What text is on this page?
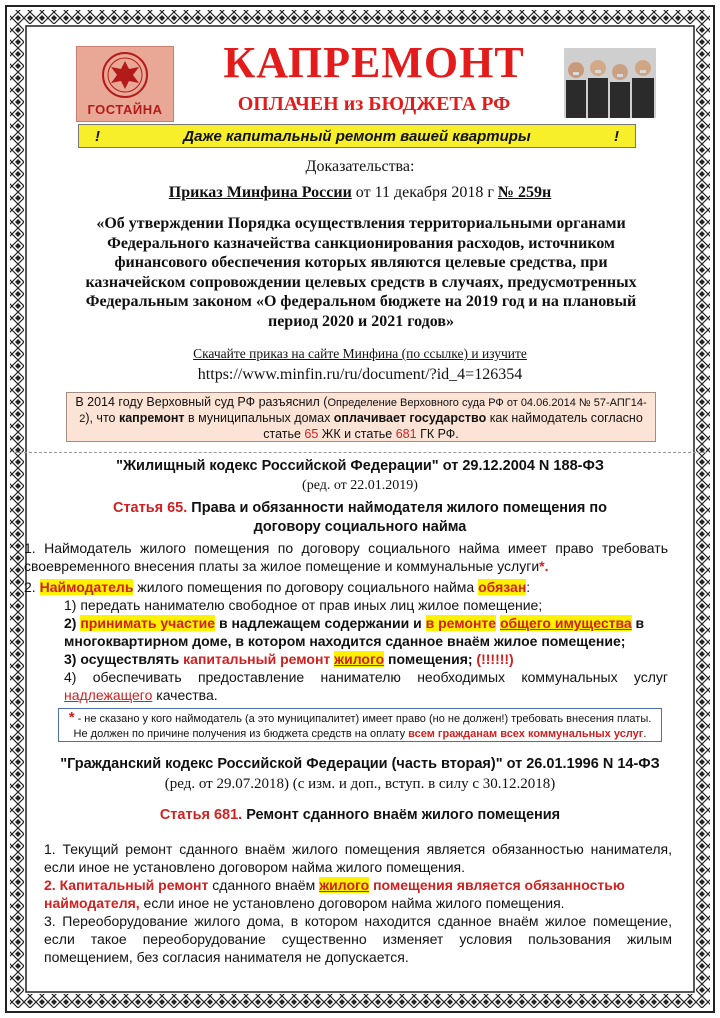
ГОСТАЙНА
КАПРЕМОНТ
ОПЛАЧЕН из БЮДЖЕТА РФ
!	Даже капитальный ремонт вашей квартиры	!
Доказательства:
Приказ Минфина России от 11 декабря 2018 г № 259н
«Об утверждении Порядка осуществления территориальными органами Федерального казначейства санкционирования расходов, источником финансового обеспечения которых являются целевые средства, при казначейском сопровождении целевых средств в случаях, предусмотренных Федеральным законом «О федеральном бюджете на 2019 год и на плановый период 2020 и 2021 годов»
Скачайте приказ на сайте Минфина (по ссылке) и изучите
https://www.minfin.ru/ru/document/?id_4=126354
В 2014 году Верховный суд РФ разъяснил (Определение Верховного суда РФ от 04.06.2014 № 57-АПГ14-2), что капремонт в муниципальных домах оплачивает государство как наймодатель согласно статье 65 ЖК и статье 681 ГК РФ.
"Жилищный кодекс Российской Федерации" от 29.12.2004 N 188-ФЗ
(ред. от 22.01.2019)
Статья 65. Права и обязанности наймодателя жилого помещения по договору социального найма
1. Наймодатель жилого помещения по договору социального найма имеет право требовать своевременного внесения платы за жилое помещение и коммунальные услуги*.
2. Наймодатель жилого помещения по договору социального найма обязан:
1) передать нанимателю свободное от прав иных лиц жилое помещение;
2) принимать участие в надлежащем содержании и в ремонте общего имущества в многоквартирном доме, в котором находится сданное внаём жилое помещение;
3) осуществлять капитальный ремонт жилого помещения; (!!!!!!)
4) обеспечивать предоставление нанимателю необходимых коммунальных услуг надлежащего качества.
* - не сказано у кого наймодатель (а это муниципалитет) имеет право (но не должен!) требовать внесения платы.
Не должен по причине получения из бюджета средств на оплату всем гражданам всех коммунальных услуг.
"Гражданский кодекс Российской Федерации (часть вторая)" от 26.01.1996 N 14-ФЗ
(ред. от 29.07.2018) (с изм. и доп., вступ. в силу с 30.12.2018)
Статья 681. Ремонт сданного внаём жилого помещения
1. Текущий ремонт сданного внаём жилого помещения является обязанностью нанимателя, если иное не установлено договором найма жилого помещения.
2. Капитальный ремонт сданного внаём жилого помещения является обязанностью наймодателя, если иное не установлено договором найма жилого помещения.
3. Переоборудование жилого дома, в котором находится сданное внаём жилое помещение, если такое переоборудование существенно изменяет условия пользования жилым помещением, без согласия нанимателя не допускается.
